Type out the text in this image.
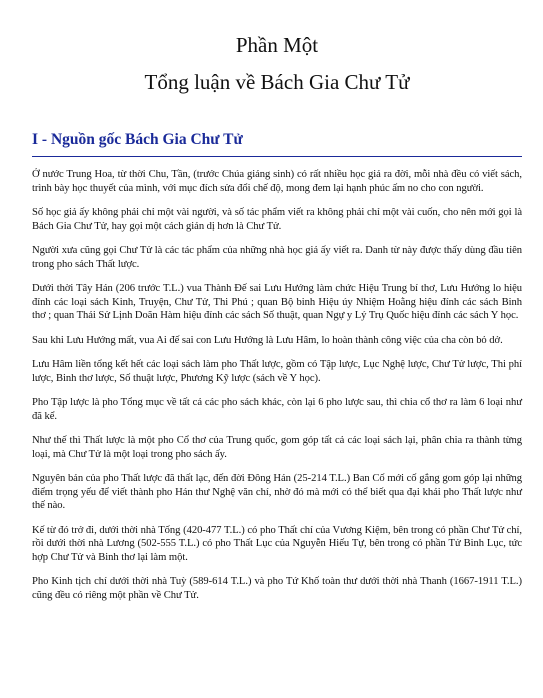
Phần Một
Tổng luận về Bách Gia Chư Tử
I - Nguồn gốc Bách Gia Chư Tử

Ở nước Trung Hoa, từ thời Chu, Tần, (trước Chúa giáng sinh) có rất nhiều học giả ra đời, mỗi nhà đều có viết sách, trình bày học thuyết của mình, với mục đích sửa đổi chế độ, mong đem lại hạnh phúc ấm no cho con người.

Số học giả ấy không phải chỉ một vài người, và số tác phẩm viết ra không phải chỉ một vài cuốn, cho nên mới gọi là Bách Gia Chư Tử, hay gọi một cách giản dị hơn là Chư Tử.

Người xưa cũng gọi Chư Tử là các tác phẩm của những nhà học giả ấy viết ra. Danh từ này được thấy dùng đầu tiên trong pho sách Thất lược.

Dưới thời Tây Hán (206 trước T.L.) vua Thành Đế sai Lưu Hướng làm chức Hiệu Trung bí thơ, Lưu Hướng lo hiệu đính các loại sách Kinh, Truyện, Chư Tử, Thi Phú ; quan Bộ binh Hiệu úy Nhiệm Hoằng hiệu đính các sách Binh thơ ; quan Thái Sử Lịnh Doãn Hàm hiệu đính các sách Số thuật, quan Ngự y Lý Trụ Quốc hiệu đính các sách Y học.

Sau khi Lưu Hướng mất, vua Ai đế sai con Lưu Hướng là Lưu Hâm, lo hoàn thành công việc của cha còn bỏ dở.

Lưu Hâm liền tổng kết hết các loại sách làm pho Thất lược, gồm có Tập lược, Lục Nghệ lược, Chư Tử lược, Thi phí lược, Binh thơ lược, Số thuật lược, Phương Kỹ lược (sách về Y học).

Pho Tập lược là pho Tổng mục về tất cả các pho sách khác, còn lại 6 pho lược sau, thì chia cổ thơ ra làm 6 loại như đã kể.

Như thế thì Thất lược là một pho Cổ thơ của Trung quốc, gom góp tất cả các loại sách lại, phân chia ra thành từng loại, mà Chư Tử là một loại trong pho sách ấy.

Nguyên bản của pho Thất lược đã thất lạc, đến đời Đông Hán (25-214 T.L.) Ban Cố mới cố gắng gom góp lại những điểm trọng yếu để viết thành pho Hán thư Nghệ văn chí, nhờ đó mà mới có thể biết qua đại khái pho Thất lược như thế nào.

Kế từ đó trở đi, dưới thời nhà Tống (420-477 T.L.) có pho Thất chí của Vương Kiệm, bên trong có phần Chư Tử chí, rồi dưới thời nhà Lương (502-555 T.L.) có pho Thất Lục của Nguyễn Hiếu Tự, bên trong có phần Tử Binh Lục, tức hợp Chư Tử và Binh thơ lại làm một.

Pho Kinh tịch chí dưới thời nhà Tuỳ (589-614 T.L.) và pho Tứ Khố toàn thư dưới thời nhà Thanh (1667-1911 T.L.) cũng đều có riêng một phần về Chư Tử.
